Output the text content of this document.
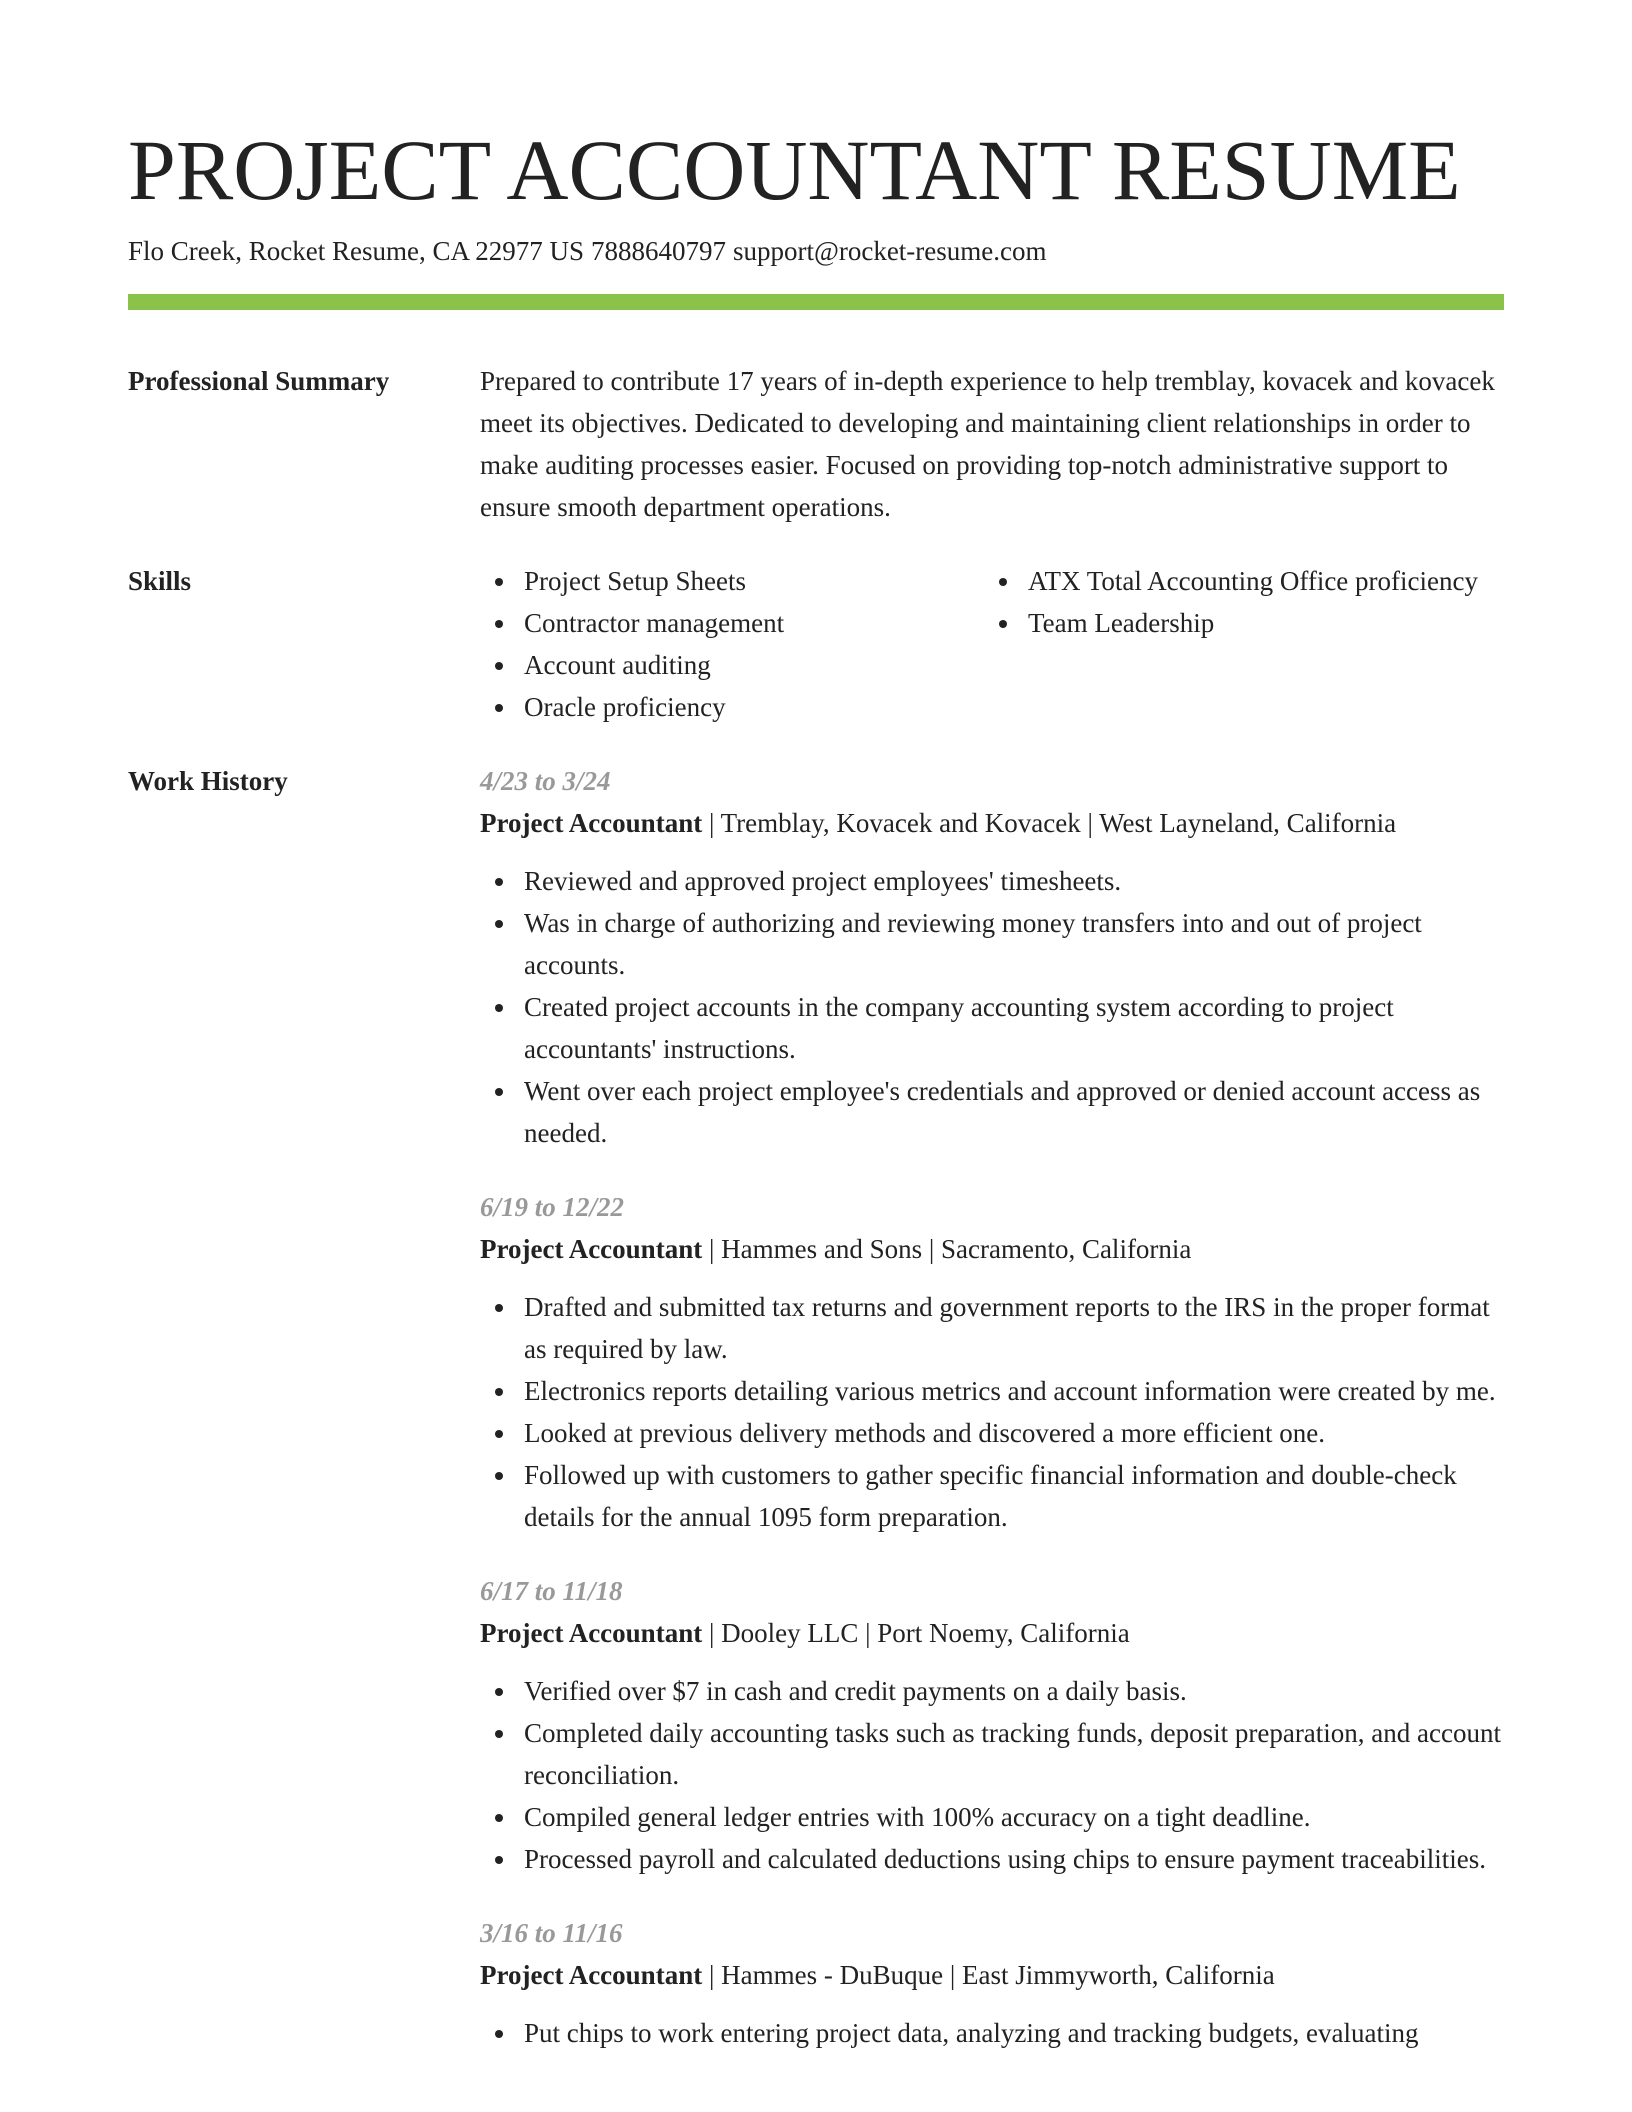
PROJECT ACCOUNTANT RESUME
Flo Creek, Rocket Resume, CA 22977 US 7888640797 support@rocket-resume.com
Professional Summary	Prepared to contribute 17 years of in-depth experience to help tremblay, kovacek and kovacek meet its objectives. Dedicated to developing and maintaining client relationships in order to make auditing processes easier. Focused on providing top-notch administrative support to ensure smooth department operations.
Skills	Project Setup Sheets
Contractor management
Account auditing
Oracle proficiency
ATX Total Accounting Office proficiency
Team Leadership
Work History	4/23 to 3/24
Project Accountant | Tremblay, Kovacek and Kovacek | West Layneland, California
Reviewed and approved project employees' timesheets.
Was in charge of authorizing and reviewing money transfers into and out of project accounts.
Created project accounts in the company accounting system according to project accountants' instructions.
Went over each project employee's credentials and approved or denied account access as needed.
6/19 to 12/22
Project Accountant | Hammes and Sons | Sacramento, California
Drafted and submitted tax returns and government reports to the IRS in the proper format as required by law.
Electronics reports detailing various metrics and account information were created by me.
Looked at previous delivery methods and discovered a more efficient one.
Followed up with customers to gather specific financial information and double-check details for the annual 1095 form preparation.
6/17 to 11/18
Project Accountant | Dooley LLC | Port Noemy, California
Verified over $7 in cash and credit payments on a daily basis.
Completed daily accounting tasks such as tracking funds, deposit preparation, and account reconciliation.
Compiled general ledger entries with 100% accuracy on a tight deadline.
Processed payroll and calculated deductions using chips to ensure payment traceabilities.
3/16 to 11/16
Project Accountant | Hammes - DuBuque | East Jimmyworth, California
Put chips to work entering project data, analyzing and tracking budgets, evaluating
